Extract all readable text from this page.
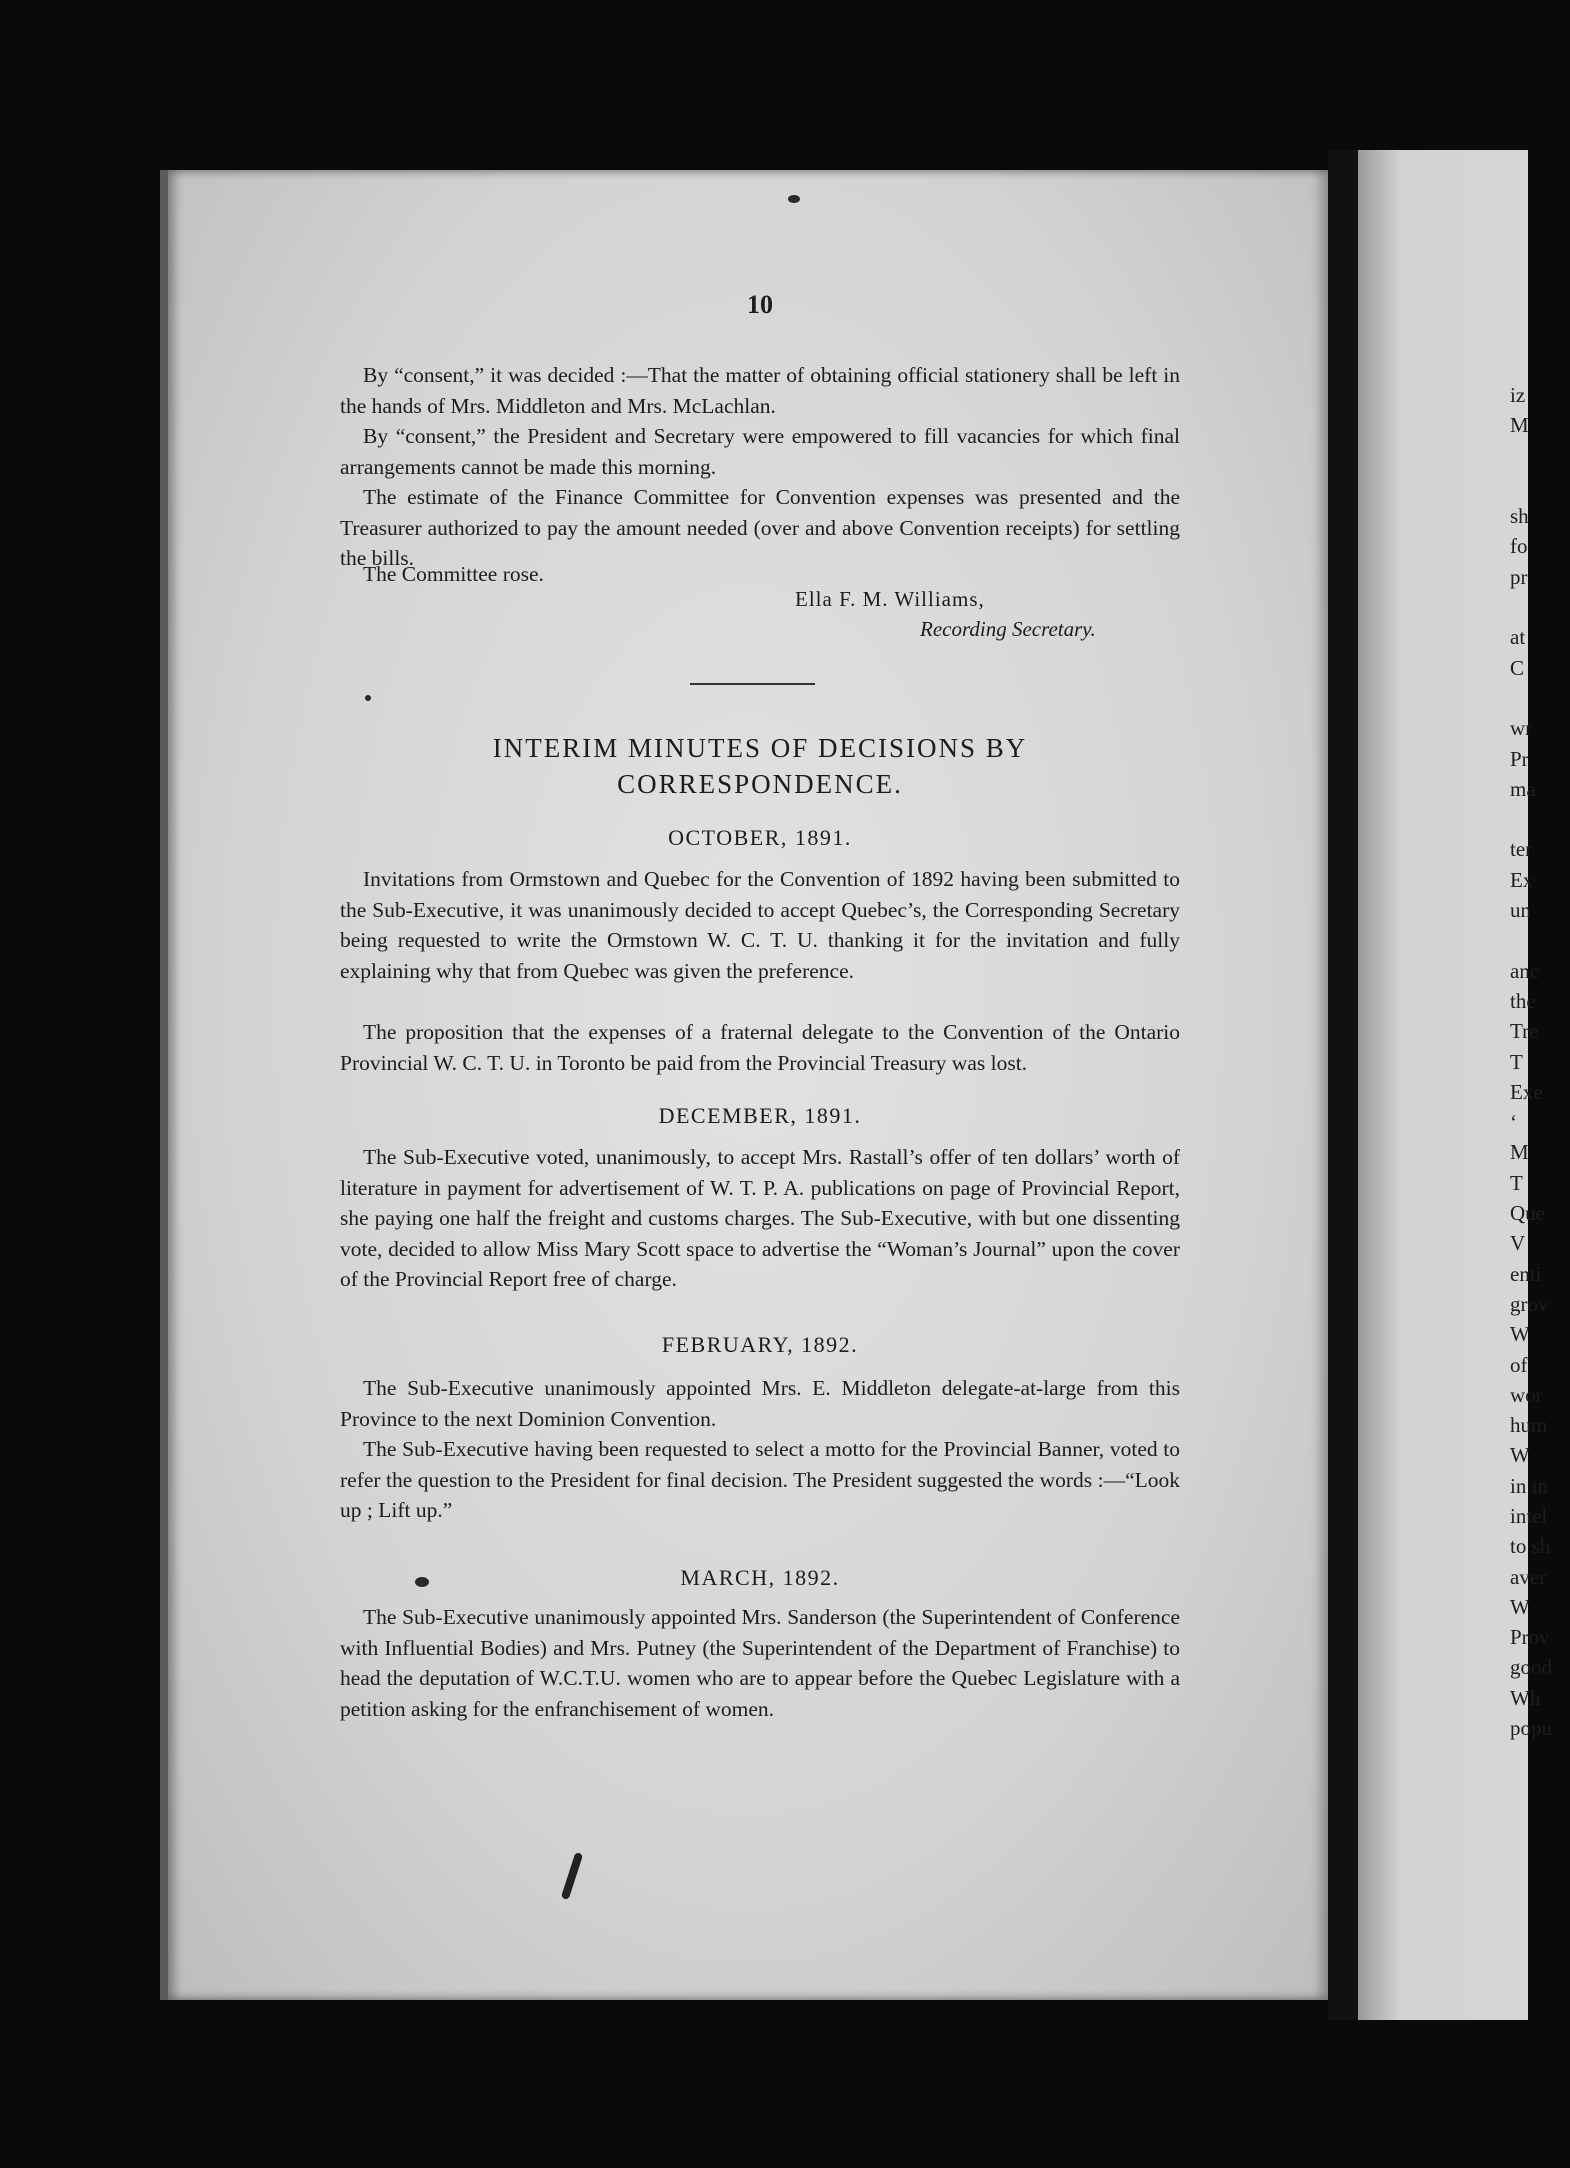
iz
M

sh
fo
pr

at
C

wr
Pr
ma

ter
Ex
un

anc
the
Tre
T
Exe
‘
M
T
Que
V
enti
grov
W
of
wor
hum
W
in in
intel
to sh
aver
W
Prov
good
Wh
popu
10

By “consent,” it was decided :—That the matter of obtaining official stationery shall be left in the hands of Mrs. Middleton and Mrs. McLachlan.

By “consent,” the President and Secretary were empowered to fill vacancies for which final arrangements cannot be made this morning.

The estimate of the Finance Committee for Convention expenses was presented and the Treasurer authorized to pay the amount needed (over and above Convention receipts) for settling the bills.

The Committee rose.

Ella F. M. Williams,
Recording Secretary.
INTERIM MINUTES OF DECISIONS BY
CORRESPONDENCE.
OCTOBER, 1891.

Invitations from Ormstown and Quebec for the Convention of 1892 having been submitted to the Sub-Executive, it was unanimously decided to accept Quebec’s, the Corresponding Secretary being requested to write the Ormstown W. C. T. U. thanking it for the invitation and fully explaining why that from Quebec was given the preference.

The proposition that the expenses of a fraternal delegate to the Convention of the Ontario Provincial W. C. T. U. in Toronto be paid from the Provincial Treasury was lost.

DECEMBER, 1891.

The Sub-Executive voted, unanimously, to accept Mrs. Rastall’s offer of ten dollars’ worth of literature in payment for advertisement of W. T. P. A. publications on page of Provincial Report, she paying one half the freight and customs charges. The Sub-Executive, with but one dissenting vote, decided to allow Miss Mary Scott space to advertise the “Woman’s Journal” upon the cover of the Provincial Report free of charge.

FEBRUARY, 1892.

The Sub-Executive unanimously appointed Mrs. E. Middleton delegate-at-large from this Province to the next Dominion Convention.

The Sub-Executive having been requested to select a motto for the Provincial Banner, voted to refer the question to the President for final decision. The President suggested the words :—“Look up ; Lift up.”

MARCH, 1892.

The Sub-Executive unanimously appointed Mrs. Sanderson (the Superintendent of Conference with Influential Bodies) and Mrs. Putney (the Superintendent of the Department of Franchise) to head the deputation of W.C.T.U. women who are to appear before the Quebec Legislature with a petition asking for the enfranchisement of women.
